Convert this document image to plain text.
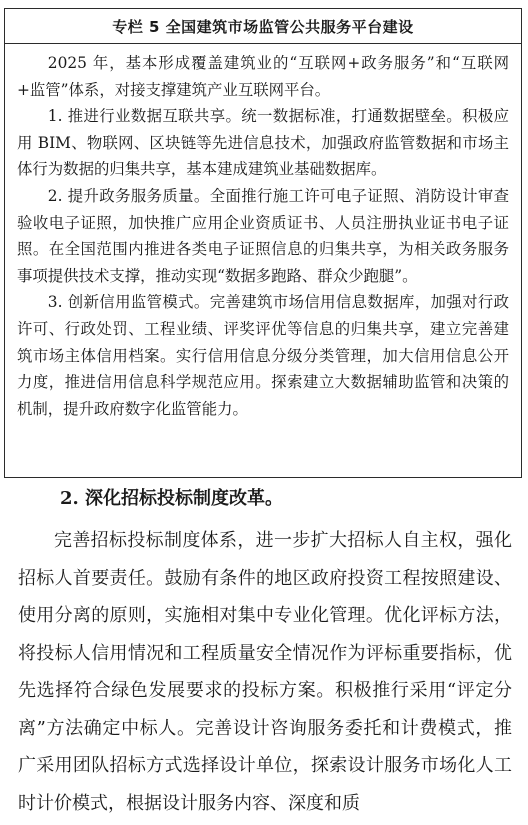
专栏 5 全国建筑市场监管公共服务平台建设

2025 年，基本形成覆盖建筑业的“互联网+政务服务”和“互联网+监管”体系，对接支撑建筑产业互联网平台。

1. 推进行业数据互联共享。统一数据标准，打通数据壁垒。积极应用 BIM、物联网、区块链等先进信息技术，加强政府监管数据和市场主体行为数据的归集共享，基本建成建筑业基础数据库。

2. 提升政务服务质量。全面推行施工许可电子证照、消防设计审查验收电子证照，加快推广应用企业资质证书、人员注册执业证书电子证照。在全国范围内推进各类电子证照信息的归集共享，为相关政务服务事项提供技术支撑，推动实现“数据多跑路、群众少跑腿”。

3. 创新信用监管模式。完善建筑市场信用信息数据库，加强对行政许可、行政处罚、工程业绩、评奖评优等信息的归集共享，建立完善建筑市场主体信用档案。实行信用信息分级分类管理，加大信用信息公开力度，推进信用信息科学规范应用。探索建立大数据辅助监管和决策的机制，提升政府数字化监管能力。

2. 深化招标投标制度改革。

完善招标投标制度体系，进一步扩大招标人自主权，强化招标人首要责任。鼓励有条件的地区政府投资工程按照建设、使用分离的原则，实施相对集中专业化管理。优化评标方法，将投标人信用情况和工程质量安全情况作为评标重要指标，优先选择符合绿色发展要求的投标方案。积极推行采用“评定分离”方法确定中标人。完善设计咨询服务委托和计费模式，推广采用团队招标方式选择设计单位，探索设计服务市场化人工时计价模式，根据设计服务内容、深度和质
